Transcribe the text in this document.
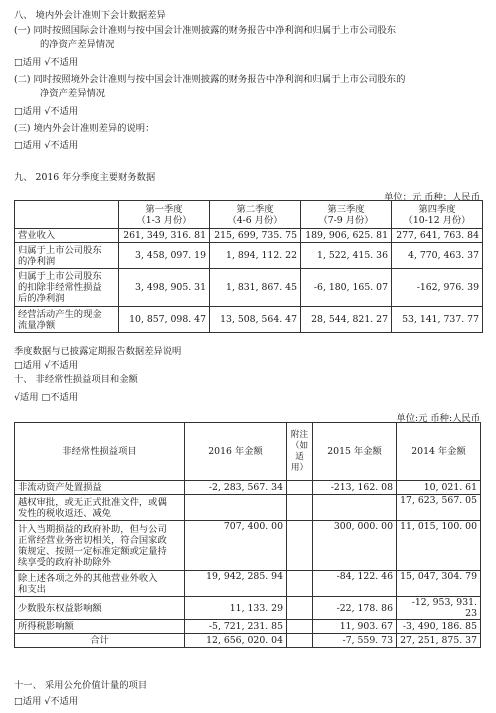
八、 境内外会计准则下会计数据差异
(一) 同时按照国际会计准则与按中国会计准则披露的财务报告中净利润和归属于上市公司股东
的净资产差异情况
□适用 √不适用
(二) 同时按照境外会计准则与按中国会计准则披露的财务报告中净利润和归属于上市公司股东的
净资产差异情况
□适用 √不适用
(三) 境内外会计准则差异的说明：
□适用 √不适用
九、 2016 年分季度主要财务数据
单位：元 币种：人民币
	第一季度
（1-3 月份）	第二季度
（4-6 月份）	第三季度
（7-9 月份）	第四季度
（10-12 月份）
营业收入	261, 349, 316. 81	215, 699, 735. 75	189, 906, 625. 81	277, 641, 763. 84
归属于上市公司股东
的净利润	3, 458, 097. 19	1, 894, 112. 22	1, 522, 415. 36	4, 770, 463. 37
归属于上市公司股东
的扣除非经常性损益
后的净利润	3, 498, 905. 31	1, 831, 867. 45	-6, 180, 165. 07	-162, 976. 39
经营活动产生的现金
流量净额	10, 857, 098. 47	13, 508, 564. 47	28, 544, 821. 27	53, 141, 737. 77
季度数据与已披露定期报告数据差异说明
□适用 √不适用
十、 非经常性损益项目和金额
√适用 □不适用
单位:元 币种:人民币
非经常性损益项目	2016 年金额	附注
（如
适
用）	2015 年金额	2014 年金额
非流动资产处置损益	-2, 283, 567. 34		-213, 162. 08	10, 021. 61
越权审批，或无正式批准文件，或偶
发性的税收返还、减免				17, 623, 567. 05
计入当期损益的政府补助，但与公司
正常经营业务密切相关，符合国家政
策规定、按照一定标准定额或定量持
续享受的政府补助除外	707, 400. 00		300, 000. 00	11, 015, 100. 00
除上述各项之外的其他营业外收入
和支出	19, 942, 285. 94		-84, 122. 46	15, 047, 304. 79
少数股东权益影响额	11, 133. 29		-22, 178. 86	-12, 953, 931. 23
所得税影响额	-5, 721, 231. 85		11, 903. 67	-3, 490, 186. 85
合计	12, 656, 020. 04		-7, 559. 73	27, 251, 875. 37
十一、 采用公允价值计量的项目
□适用 √不适用
